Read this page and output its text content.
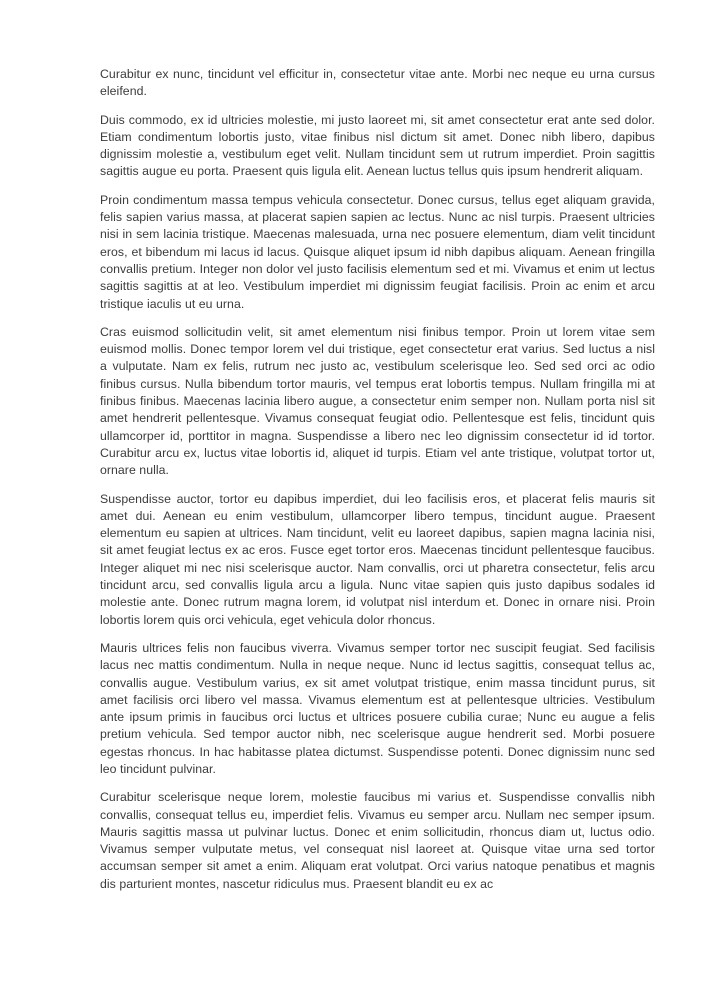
Curabitur ex nunc, tincidunt vel efficitur in, consectetur vitae ante. Morbi nec neque eu urna cursus eleifend.

Duis commodo, ex id ultricies molestie, mi justo laoreet mi, sit amet consectetur erat ante sed dolor. Etiam condimentum lobortis justo, vitae finibus nisl dictum sit amet. Donec nibh libero, dapibus dignissim molestie a, vestibulum eget velit. Nullam tincidunt sem ut rutrum imperdiet. Proin sagittis sagittis augue eu porta. Praesent quis ligula elit. Aenean luctus tellus quis ipsum hendrerit aliquam.

Proin condimentum massa tempus vehicula consectetur. Donec cursus, tellus eget aliquam gravida, felis sapien varius massa, at placerat sapien sapien ac lectus. Nunc ac nisl turpis. Praesent ultricies nisi in sem lacinia tristique. Maecenas malesuada, urna nec posuere elementum, diam velit tincidunt eros, et bibendum mi lacus id lacus. Quisque aliquet ipsum id nibh dapibus aliquam. Aenean fringilla convallis pretium. Integer non dolor vel justo facilisis elementum sed et mi. Vivamus et enim ut lectus sagittis sagittis at at leo. Vestibulum imperdiet mi dignissim feugiat facilisis. Proin ac enim et arcu tristique iaculis ut eu urna.

Cras euismod sollicitudin velit, sit amet elementum nisi finibus tempor. Proin ut lorem vitae sem euismod mollis. Donec tempor lorem vel dui tristique, eget consectetur erat varius. Sed luctus a nisl a vulputate. Nam ex felis, rutrum nec justo ac, vestibulum scelerisque leo. Sed sed orci ac odio finibus cursus. Nulla bibendum tortor mauris, vel tempus erat lobortis tempus. Nullam fringilla mi at finibus finibus. Maecenas lacinia libero augue, a consectetur enim semper non. Nullam porta nisl sit amet hendrerit pellentesque. Vivamus consequat feugiat odio. Pellentesque est felis, tincidunt quis ullamcorper id, porttitor in magna. Suspendisse a libero nec leo dignissim consectetur id id tortor. Curabitur arcu ex, luctus vitae lobortis id, aliquet id turpis. Etiam vel ante tristique, volutpat tortor ut, ornare nulla.

Suspendisse auctor, tortor eu dapibus imperdiet, dui leo facilisis eros, et placerat felis mauris sit amet dui. Aenean eu enim vestibulum, ullamcorper libero tempus, tincidunt augue. Praesent elementum eu sapien at ultrices. Nam tincidunt, velit eu laoreet dapibus, sapien magna lacinia nisi, sit amet feugiat lectus ex ac eros. Fusce eget tortor eros. Maecenas tincidunt pellentesque faucibus. Integer aliquet mi nec nisi scelerisque auctor. Nam convallis, orci ut pharetra consectetur, felis arcu tincidunt arcu, sed convallis ligula arcu a ligula. Nunc vitae sapien quis justo dapibus sodales id molestie ante. Donec rutrum magna lorem, id volutpat nisl interdum et. Donec in ornare nisi. Proin lobortis lorem quis orci vehicula, eget vehicula dolor rhoncus.

Mauris ultrices felis non faucibus viverra. Vivamus semper tortor nec suscipit feugiat. Sed facilisis lacus nec mattis condimentum. Nulla in neque neque. Nunc id lectus sagittis, consequat tellus ac, convallis augue. Vestibulum varius, ex sit amet volutpat tristique, enim massa tincidunt purus, sit amet facilisis orci libero vel massa. Vivamus elementum est at pellentesque ultricies. Vestibulum ante ipsum primis in faucibus orci luctus et ultrices posuere cubilia curae; Nunc eu augue a felis pretium vehicula. Sed tempor auctor nibh, nec scelerisque augue hendrerit sed. Morbi posuere egestas rhoncus. In hac habitasse platea dictumst. Suspendisse potenti. Donec dignissim nunc sed leo tincidunt pulvinar.

Curabitur scelerisque neque lorem, molestie faucibus mi varius et. Suspendisse convallis nibh convallis, consequat tellus eu, imperdiet felis. Vivamus eu semper arcu. Nullam nec semper ipsum. Mauris sagittis massa ut pulvinar luctus. Donec et enim sollicitudin, rhoncus diam ut, luctus odio. Vivamus semper vulputate metus, vel consequat nisl laoreet at. Quisque vitae urna sed tortor accumsan semper sit amet a enim. Aliquam erat volutpat. Orci varius natoque penatibus et magnis dis parturient montes, nascetur ridiculus mus. Praesent blandit eu ex ac
